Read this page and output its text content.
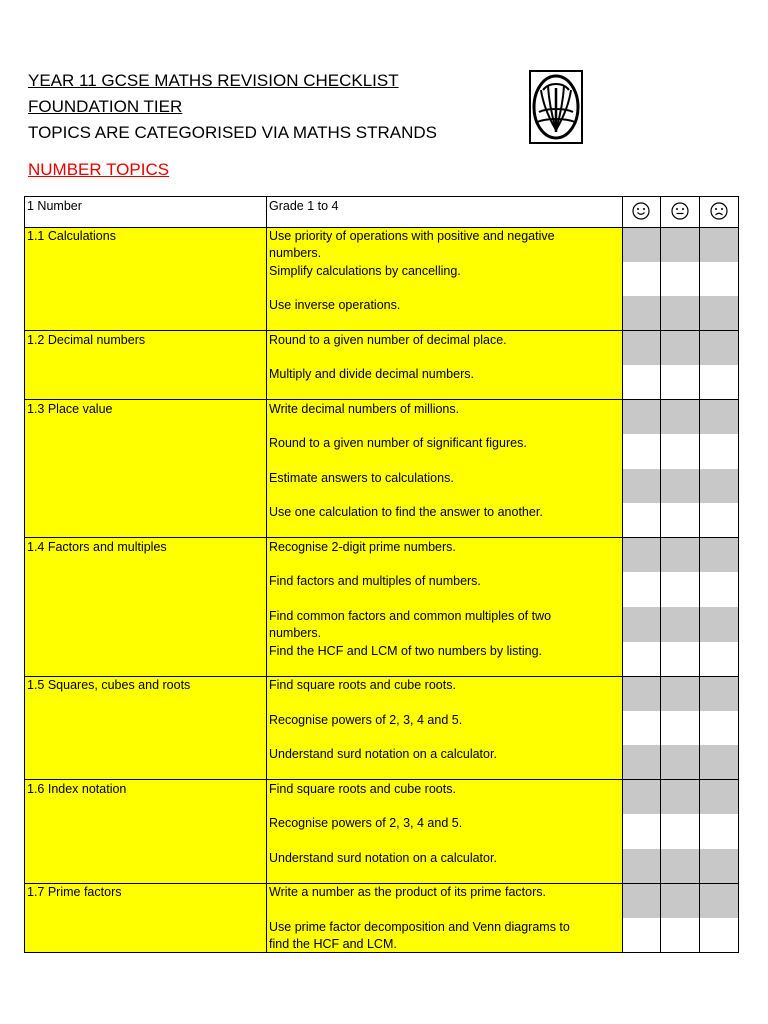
YEAR 11 GCSE MATHS REVISION CHECKLIST
FOUNDATION TIER
TOPICS ARE CATEGORISED VIA MATHS STRANDS
NUMBER TOPICS
1 Number	Grade 1 to 4
1.1 Calculations	Use priority of operations with positive and negative
numbers.
Simplify calculations by cancelling.
Use inverse operations.
1.2 Decimal numbers	Round to a given number of decimal place.
Multiply and divide decimal numbers.
1.3 Place value	Write decimal numbers of millions.
Round to a given number of significant figures.
Estimate answers to calculations.
Use one calculation to find the answer to another.
1.4 Factors and multiples	Recognise 2-digit prime numbers.
Find factors and multiples of numbers.
Find common factors and common multiples of two
numbers.
Find the HCF and LCM of two numbers by listing.
1.5 Squares, cubes and roots	Find square roots and cube roots.
Recognise powers of 2, 3, 4 and 5.
Understand surd notation on a calculator.
1.6 Index notation	Find square roots and cube roots.
Recognise powers of 2, 3, 4 and 5.
Understand surd notation on a calculator.
1.7 Prime factors	Write a number as the product of its prime factors.
Use prime factor decomposition and Venn diagrams to
find the HCF and LCM.
